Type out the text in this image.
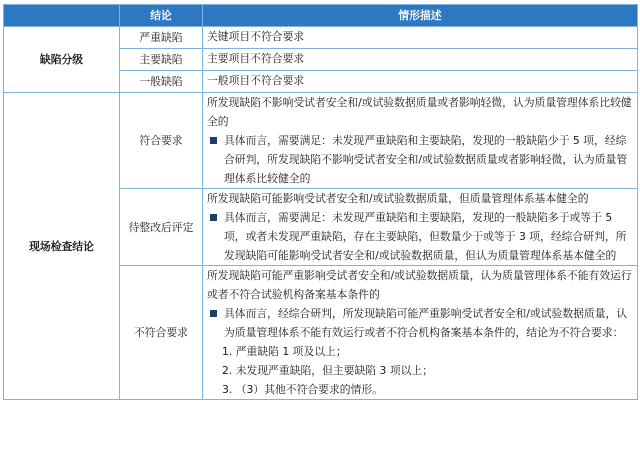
	结论	情形描述
缺陷分级	严重缺陷	关键项目不符合要求
	主要缺陷	主要项目不符合要求
	一般缺陷	一般项目不符合要求
现场检查结论	符合要求	所发现缺陷不影响受试者安全和/或试验数据质量或者影响轻微，认为质量管理体系比较健全的
具体而言，需要满足：未发现严重缺陷和主要缺陷，发现的一般缺陷少于 5 项，经综合研判，所发现缺陷不影响受试者安全和/或试验数据质量或者影响轻微，认为质量管理体系比较健全的

	待整改后评定	所发现缺陷可能影响受试者安全和/或试验数据质量，但质量管理体系基本健全的
具体而言，需要满足：未发现严重缺陷和主要缺陷，发现的一般缺陷多于或等于 5 项，或者未发现严重缺陷，存在主要缺陷，但数量少于或等于 3 项，经综合研判，所发现缺陷可能影响受试者安全和/或试验数据质量，但认为质量管理体系基本健全的

	不符合要求	所发现缺陷可能严重影响受试者安全和/或试验数据质量，认为质量管理体系不能有效运行或者不符合试验机构备案基本条件的
具体而言，经综合研判，所发现缺陷可能严重影响受试者安全和/或试验数据质量，认为质量管理体系不能有效运行或者不符合机构备案基本条件的，结论为不符合要求：
1. 严重缺陷 1 项及以上；
2. 未发现严重缺陷，但主要缺陷 3 项以上；
3. （3）其他不符合要求的情形。
